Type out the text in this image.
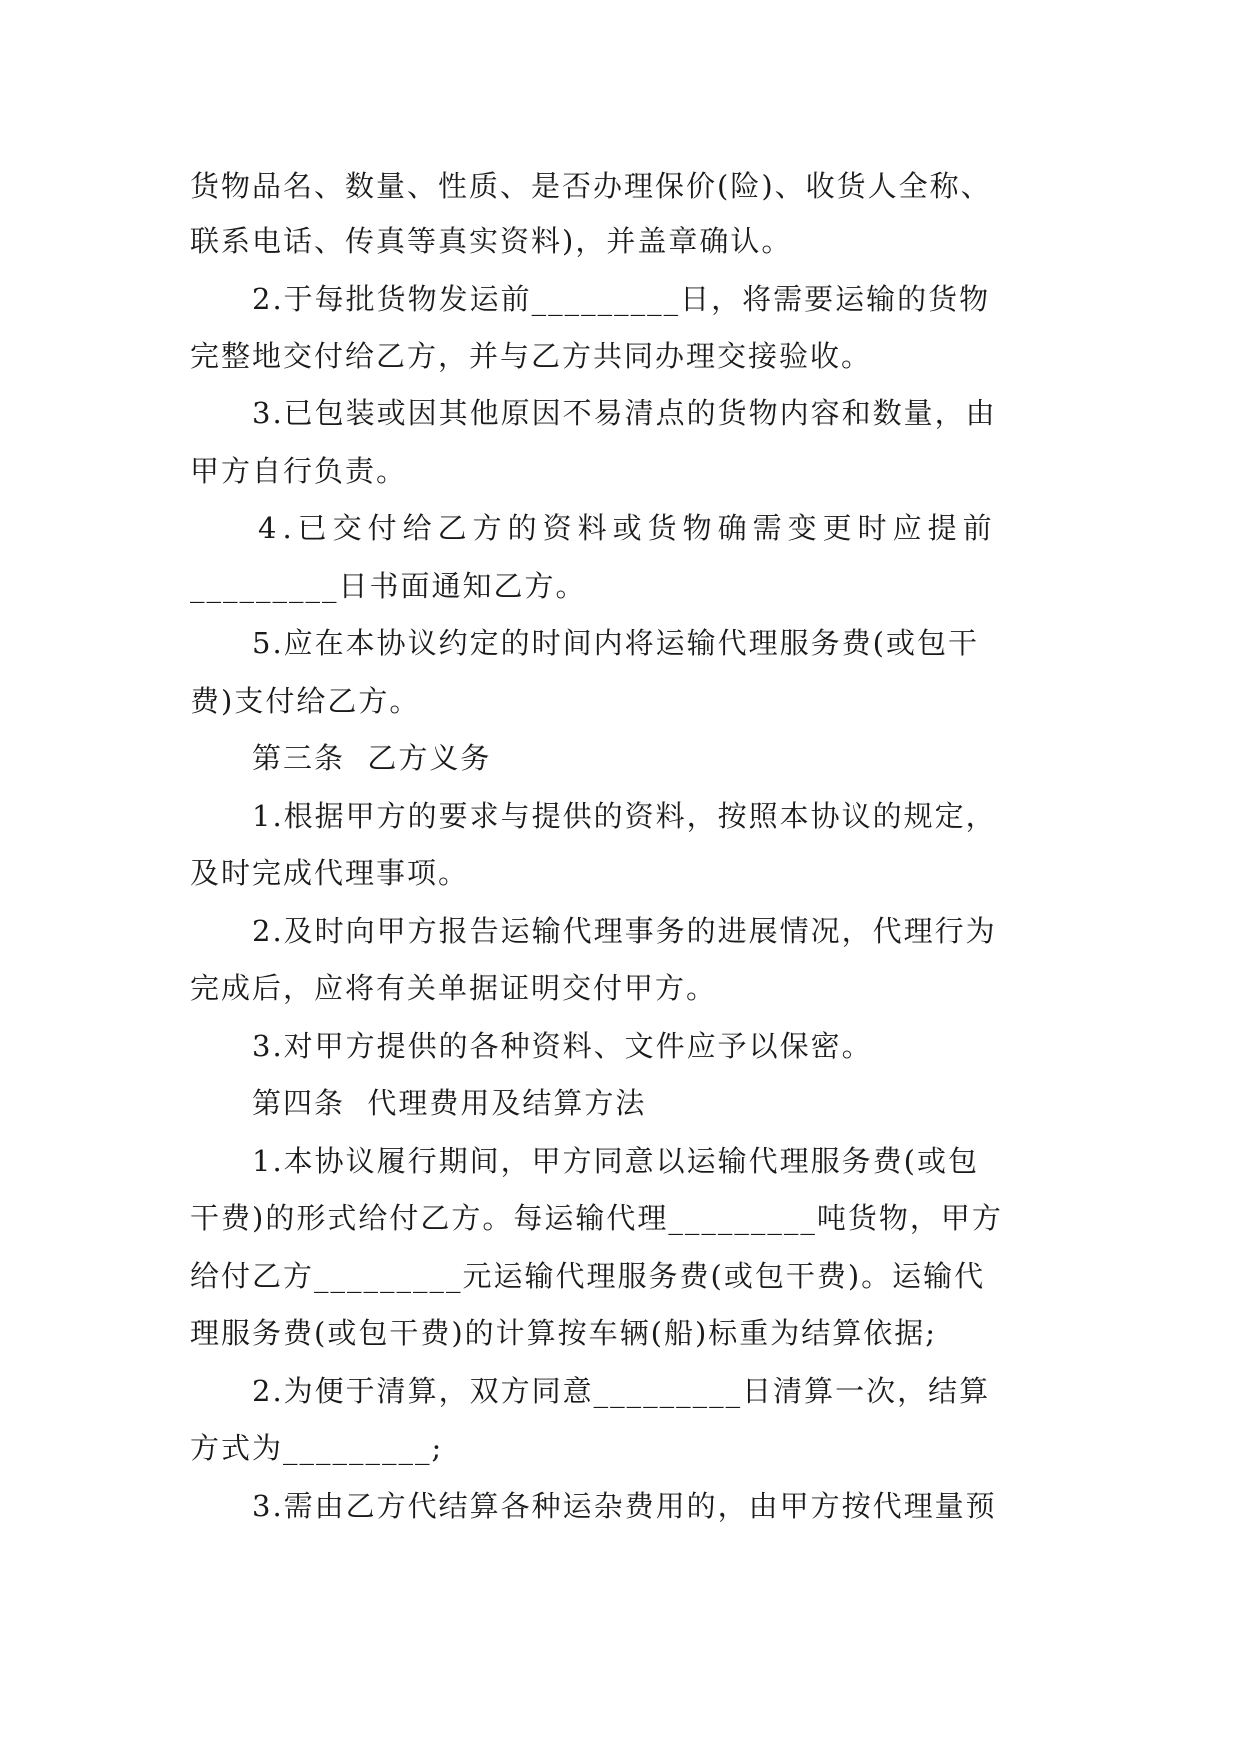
货物品名、数量、性质、是否办理保价(险)、收货人全称、
联系电话、传真等真实资料)，并盖章确认。
2.于每批货物发运前_________日，将需要运输的货物
完整地交付给乙方，并与乙方共同办理交接验收。
3.已包装或因其他原因不易清点的货物内容和数量，由
甲方自行负责。
4.已交付给乙方的资料或货物确需变更时应提前
_________日书面通知乙方。
5.应在本协议约定的时间内将运输代理服务费(或包干
费)支付给乙方。
第三条  乙方义务
1.根据甲方的要求与提供的资料，按照本协议的规定，
及时完成代理事项。
2.及时向甲方报告运输代理事务的进展情况，代理行为
完成后，应将有关单据证明交付甲方。
3.对甲方提供的各种资料、文件应予以保密。
第四条  代理费用及结算方法
1.本协议履行期间，甲方同意以运输代理服务费(或包
干费)的形式给付乙方。每运输代理_________吨货物，甲方
给付乙方_________元运输代理服务费(或包干费)。运输代
理服务费(或包干费)的计算按车辆(船)标重为结算依据;
2.为便于清算，双方同意_________日清算一次，结算
方式为_________;
3.需由乙方代结算各种运杂费用的，由甲方按代理量预
